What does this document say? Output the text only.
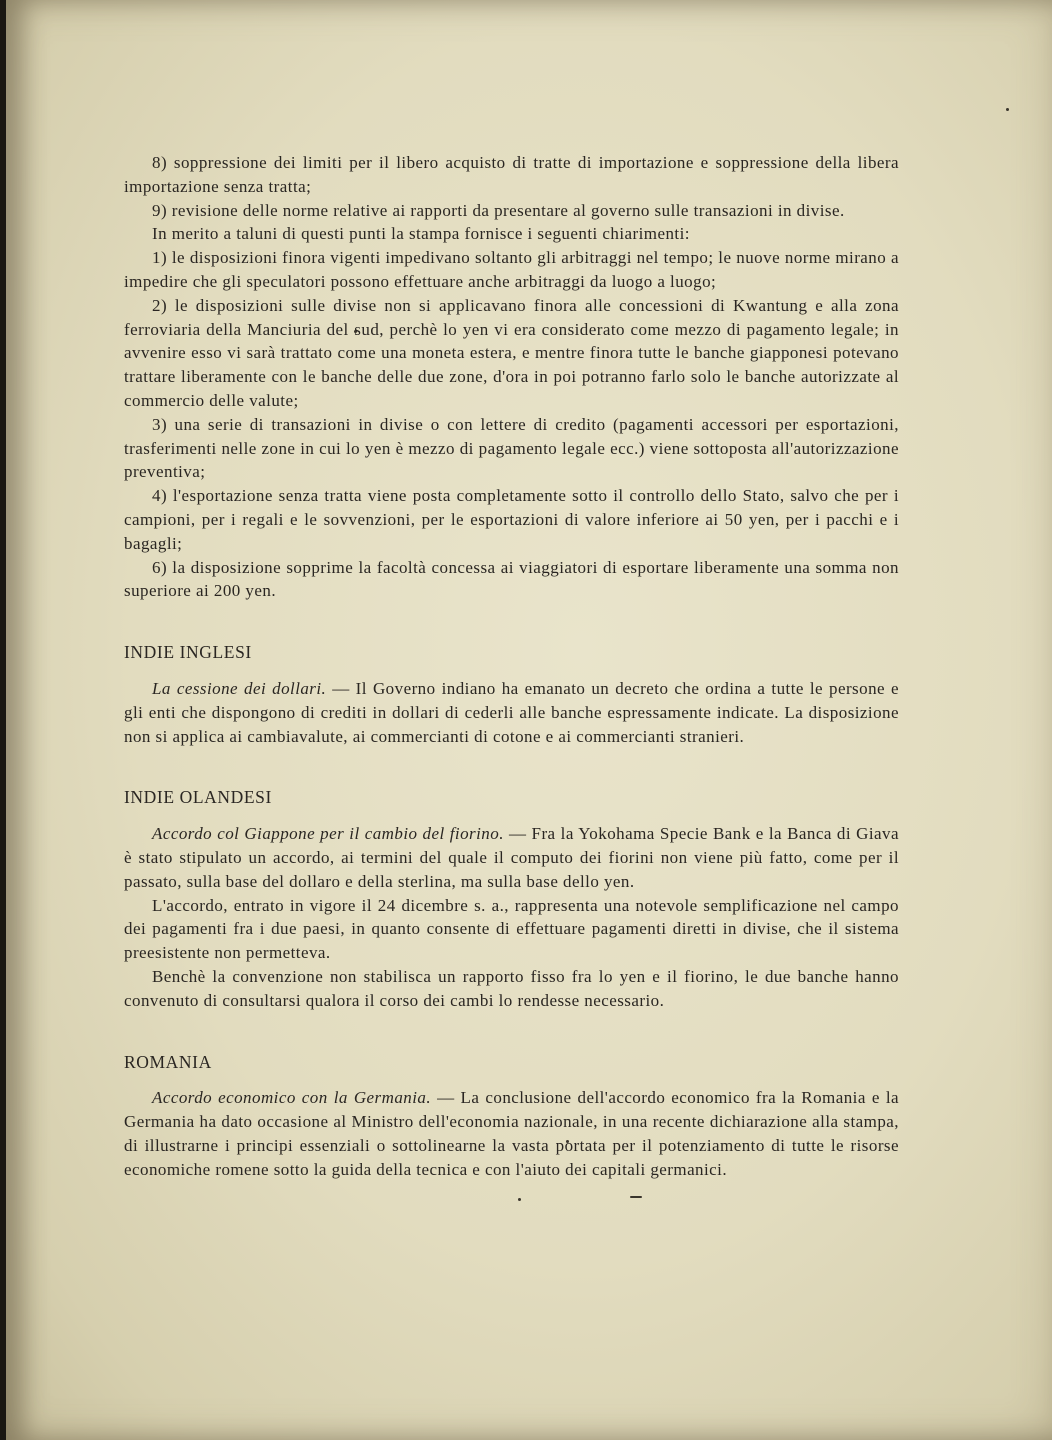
8) soppressione dei limiti per il libero acquisto di tratte di importazione e soppressione della libera importazione senza tratta;

9) revisione delle norme relative ai rapporti da presentare al governo sulle transazioni in divise.

In merito a taluni di questi punti la stampa fornisce i seguenti chiarimenti:

1) le disposizioni finora vigenti impedivano soltanto gli arbitraggi nel tempo; le nuove norme mirano a impedire che gli speculatori possono effettuare anche arbitraggi da luogo a luogo;

2) le disposizioni sulle divise non si applicavano finora alle concessioni di Kwantung e alla zona ferroviaria della Manciuria del sud, perchè lo yen vi era considerato come mezzo di pagamento legale; in avvenire esso vi sarà trattato come una moneta estera, e mentre finora tutte le banche giapponesi potevano trattare liberamente con le banche delle due zone, d'ora in poi potranno farlo solo le banche autorizzate al commercio delle valute;

3) una serie di transazioni in divise o con lettere di credito (pagamenti accessori per esportazioni, trasferimenti nelle zone in cui lo yen è mezzo di pagamento legale ecc.) viene sottoposta all'autorizzazione preventiva;

4) l'esportazione senza tratta viene posta completamente sotto il controllo dello Stato, salvo che per i campioni, per i regali e le sovvenzioni, per le esportazioni di valore inferiore ai 50 yen, per i pacchi e i bagagli;

6) la disposizione sopprime la facoltà concessa ai viaggiatori di esportare liberamente una somma non superiore ai 200 yen.

INDIE INGLESI

La cessione dei dollari. — Il Governo indiano ha emanato un decreto che ordina a tutte le persone e gli enti che dispongono di crediti in dollari di cederli alle banche espressamente indicate. La disposizione non si applica ai cambiavalute, ai commercianti di cotone e ai commercianti stranieri.

INDIE OLANDESI

Accordo col Giappone per il cambio del fiorino. — Fra la Yokohama Specie Bank e la Banca di Giava è stato stipulato un accordo, ai termini del quale il computo dei fiorini non viene più fatto, come per il passato, sulla base del dollaro e della sterlina, ma sulla base dello yen.

L'accordo, entrato in vigore il 24 dicembre s. a., rappresenta una notevole semplificazione nel campo dei pagamenti fra i due paesi, in quanto consente di effettuare pagamenti diretti in divise, che il sistema preesistente non permetteva.

Benchè la convenzione non stabilisca un rapporto fisso fra lo yen e il fiorino, le due banche hanno convenuto di consultarsi qualora il corso dei cambi lo rendesse necessario.

ROMANIA

Accordo economico con la Germania. — La conclusione dell'accordo economico fra la Romania e la Germania ha dato occasione al Ministro dell'economia nazionale, in una recente dichiarazione alla stampa, di illustrarne i principi essenziali o sottolinearne la vasta portata per il potenziamento di tutte le risorse economiche romene sotto la guida della tecnica e con l'aiuto dei capitali germanici.
